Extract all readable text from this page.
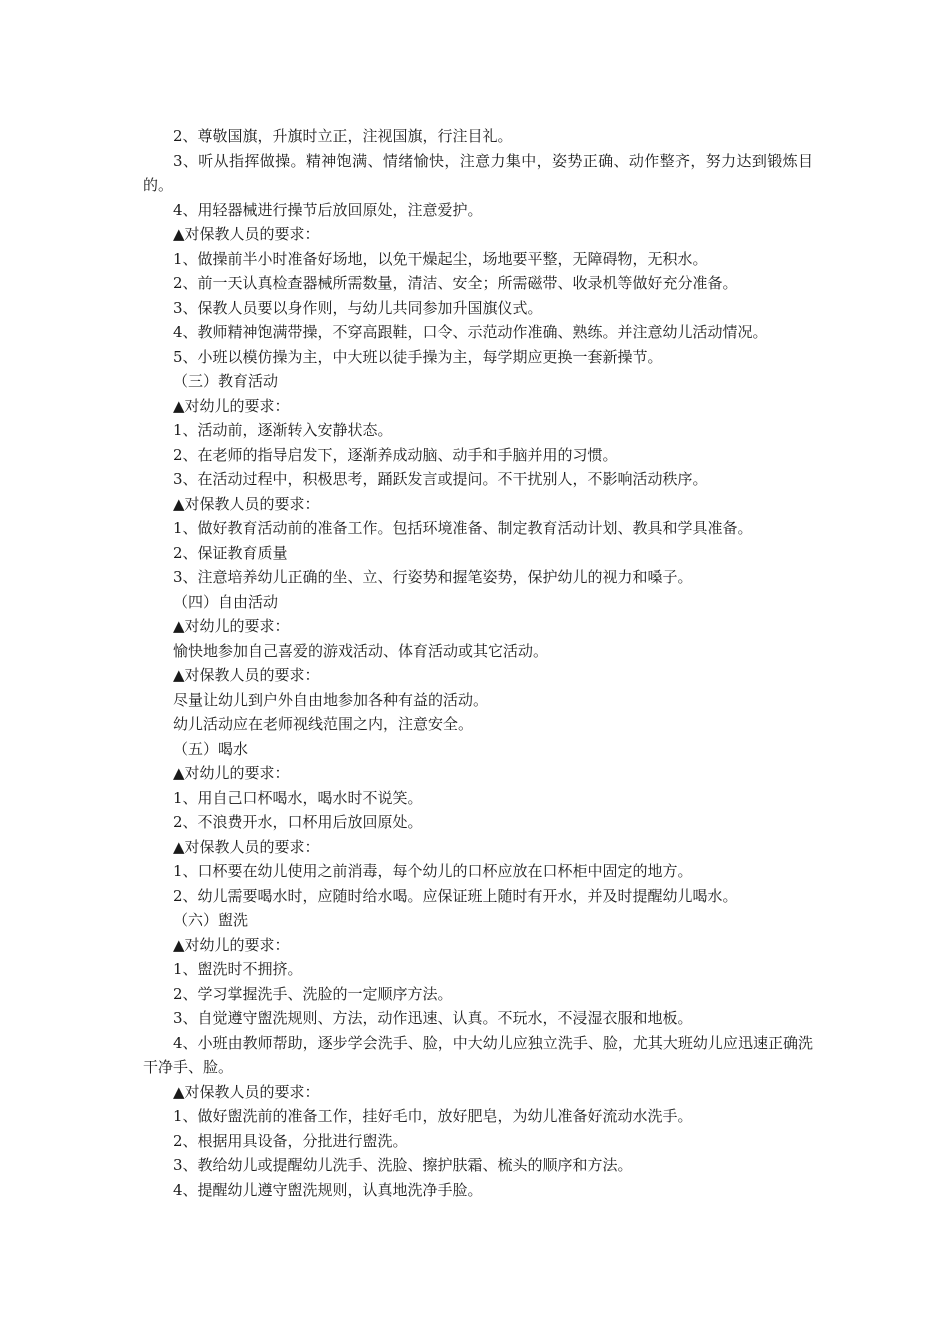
2、尊敬国旗，升旗时立正，注视国旗，行注目礼。

3、听从指挥做操。精神饱满、情绪愉快，注意力集中，姿势正确、动作整齐，努力达到锻炼目的。

4、用轻器械进行操节后放回原处，注意爱护。

▲对保教人员的要求：

1、做操前半小时准备好场地，以免干燥起尘，场地要平整，无障碍物，无积水。

2、前一天认真检查器械所需数量，清洁、安全；所需磁带、收录机等做好充分准备。

3、保教人员要以身作则，与幼儿共同参加升国旗仪式。

4、教师精神饱满带操，不穿高跟鞋，口令、示范动作准确、熟练。并注意幼儿活动情况。

5、小班以模仿操为主，中大班以徒手操为主，每学期应更换一套新操节。

（三）教育活动

▲对幼儿的要求：

1、活动前，逐渐转入安静状态。

2、在老师的指导启发下，逐渐养成动脑、动手和手脑并用的习惯。

3、在活动过程中，积极思考，踊跃发言或提问。不干扰别人，不影响活动秩序。

▲对保教人员的要求：

1、做好教育活动前的准备工作。包括环境准备、制定教育活动计划、教具和学具准备。

2、保证教育质量

3、注意培养幼儿正确的坐、立、行姿势和握笔姿势，保护幼儿的视力和嗓子。

（四）自由活动

▲对幼儿的要求：

愉快地参加自己喜爱的游戏活动、体育活动或其它活动。

▲对保教人员的要求：

尽量让幼儿到户外自由地参加各种有益的活动。

幼儿活动应在老师视线范围之内，注意安全。

（五）喝水

▲对幼儿的要求：

1、用自己口杯喝水，喝水时不说笑。

2、不浪费开水，口杯用后放回原处。

▲对保教人员的要求：

1、口杯要在幼儿使用之前消毒，每个幼儿的口杯应放在口杯柜中固定的地方。

2、幼儿需要喝水时，应随时给水喝。应保证班上随时有开水，并及时提醒幼儿喝水。

（六）盥洗

▲对幼儿的要求：

1、盥洗时不拥挤。

2、学习掌握洗手、洗脸的一定顺序方法。

3、自觉遵守盥洗规则、方法，动作迅速、认真。不玩水，不浸湿衣服和地板。

4、小班由教师帮助，逐步学会洗手、脸，中大幼儿应独立洗手、脸，尤其大班幼儿应迅速正确洗干净手、脸。

▲对保教人员的要求：

1、做好盥洗前的准备工作，挂好毛巾，放好肥皂，为幼儿准备好流动水洗手。

2、根据用具设备，分批进行盥洗。

3、教给幼儿或提醒幼儿洗手、洗脸、擦护肤霜、梳头的顺序和方法。

4、提醒幼儿遵守盥洗规则，认真地洗净手脸。
